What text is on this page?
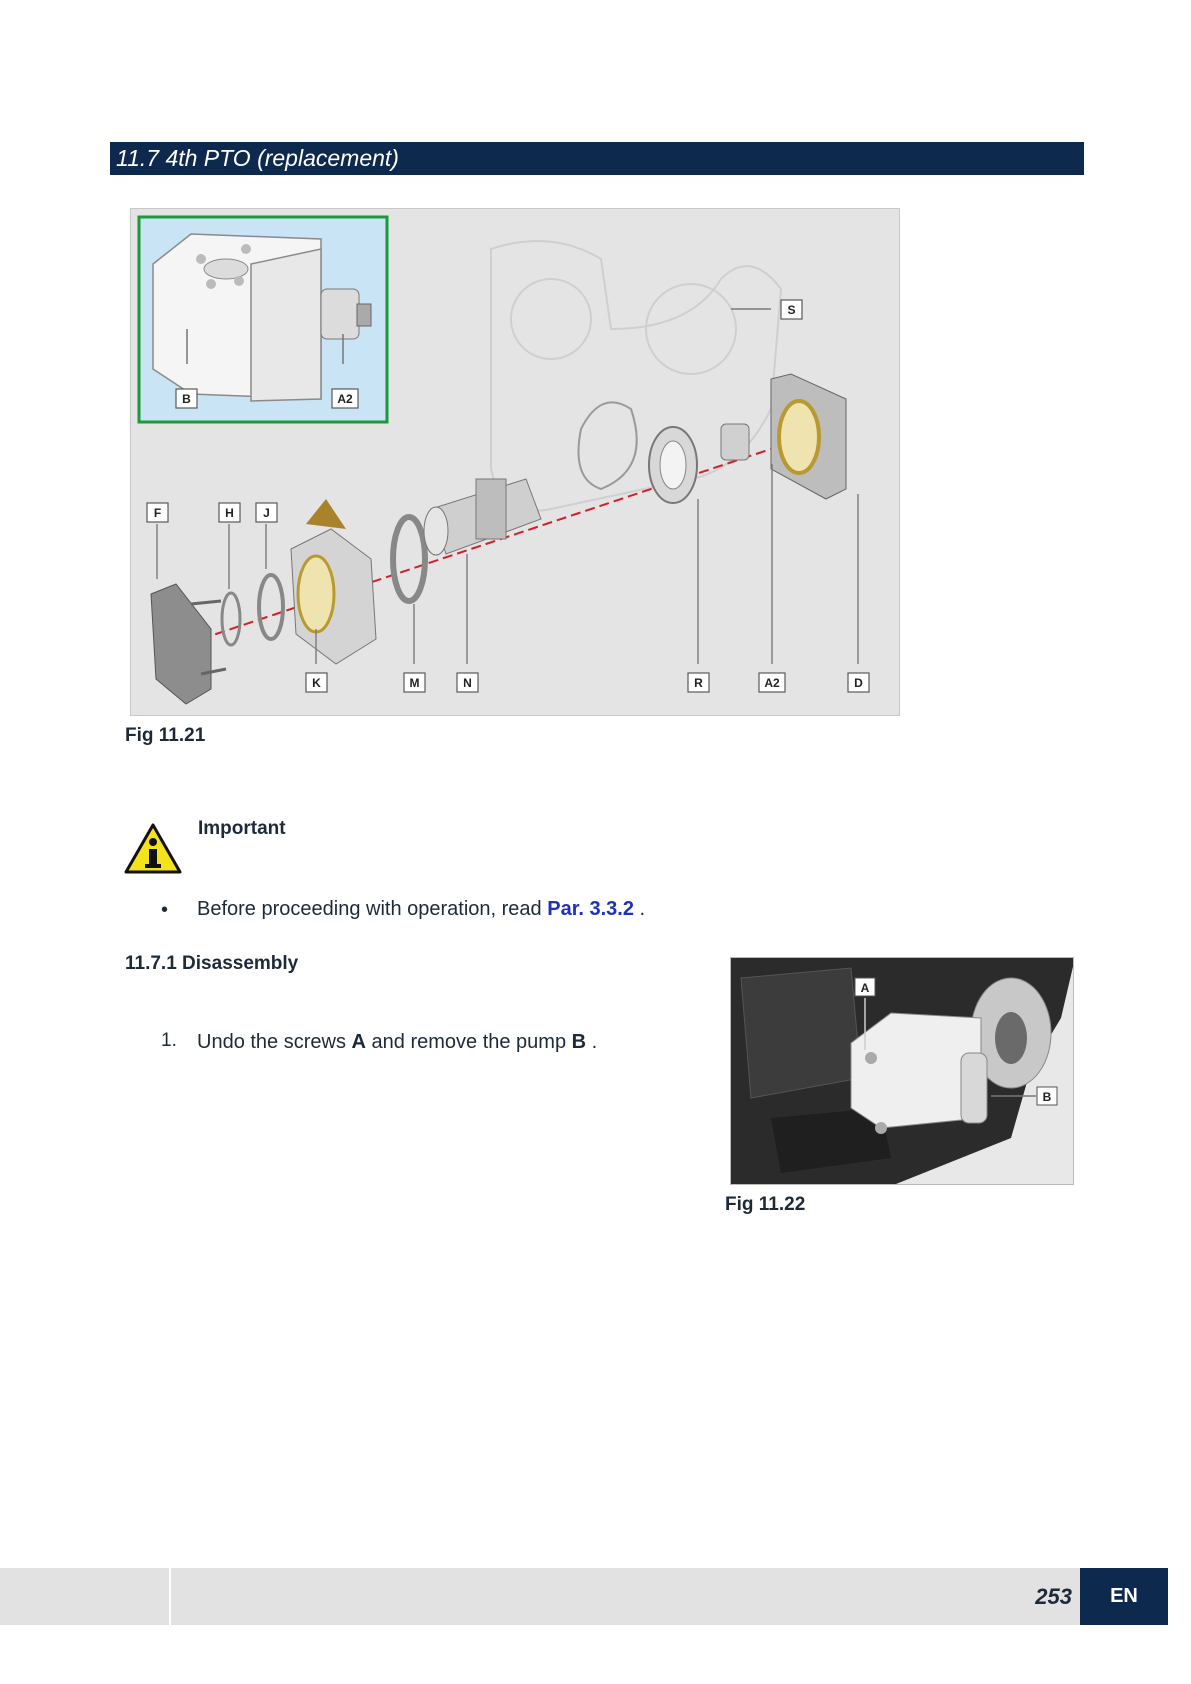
11.7 4th PTO (replacement)
B	A2
S
F	H J
K	M	N	R	A2	D
Fig 11.21
Important
• Before proceeding with operation, read Par. 3.3.2 .
11.7.1 Disassembly
1. Undo the screws A and remove the pump B .
A
B
Fig 11.22
253	EN
